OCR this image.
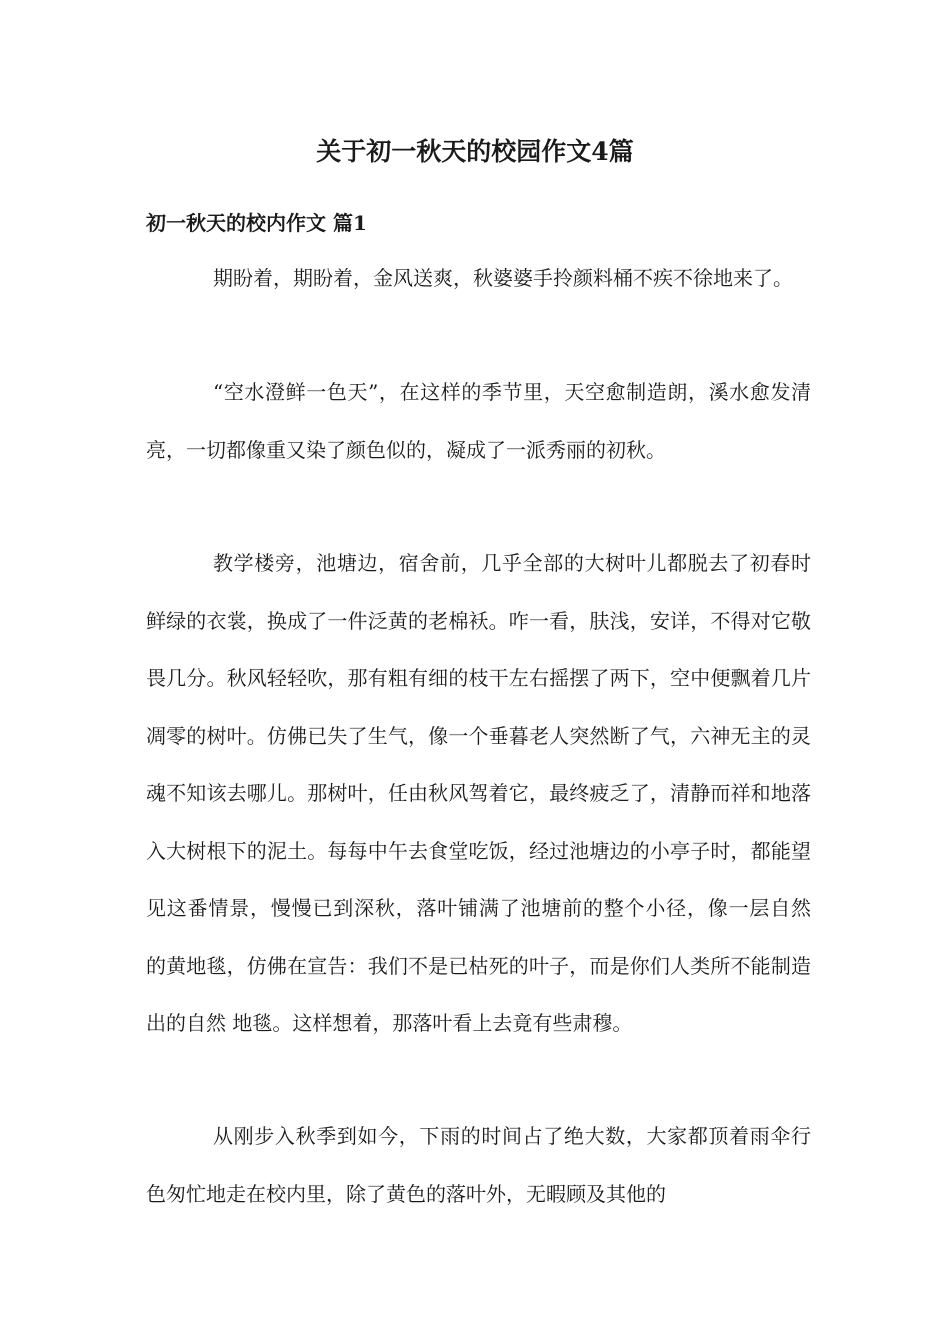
关于初一秋天的校园作文4篇
初一秋天的校内作文 篇1

期盼着，期盼着，金风送爽，秋婆婆手拎颜料桶不疾不徐地来了。

“空水澄鲜一色天”，在这样的季节里，天空愈制造朗，溪水愈发清亮，一切都像重又染了颜色似的，凝成了一派秀丽的初秋。

教学楼旁，池塘边，宿舍前，几乎全部的大树叶儿都脱去了初春时鲜绿的衣裳，换成了一件泛黄的老棉袄。咋一看，肤浅，安详，不得对它敬畏几分。秋风轻轻吹，那有粗有细的枝干左右摇摆了两下，空中便飘着几片凋零的树叶。仿佛已失了生气，像一个垂暮老人突然断了气，六神无主的灵魂不知该去哪儿。那树叶，任由秋风驾着它，最终疲乏了，清静而祥和地落入大树根下的泥土。每每中午去食堂吃饭，经过池塘边的小亭子时，都能望见这番情景，慢慢已到深秋，落叶铺满了池塘前的整个小径，像一层自然 的黄地毯，仿佛在宣告：我们不是已枯死的叶子，而是你们人类所不能制造出的自然 地毯。这样想着，那落叶看上去竟有些肃穆。

从刚步入秋季到如今，下雨的时间占了绝大数，大家都顶着雨伞行色匆忙地走在校内里，除了黄色的落叶外，无暇顾及其他的
